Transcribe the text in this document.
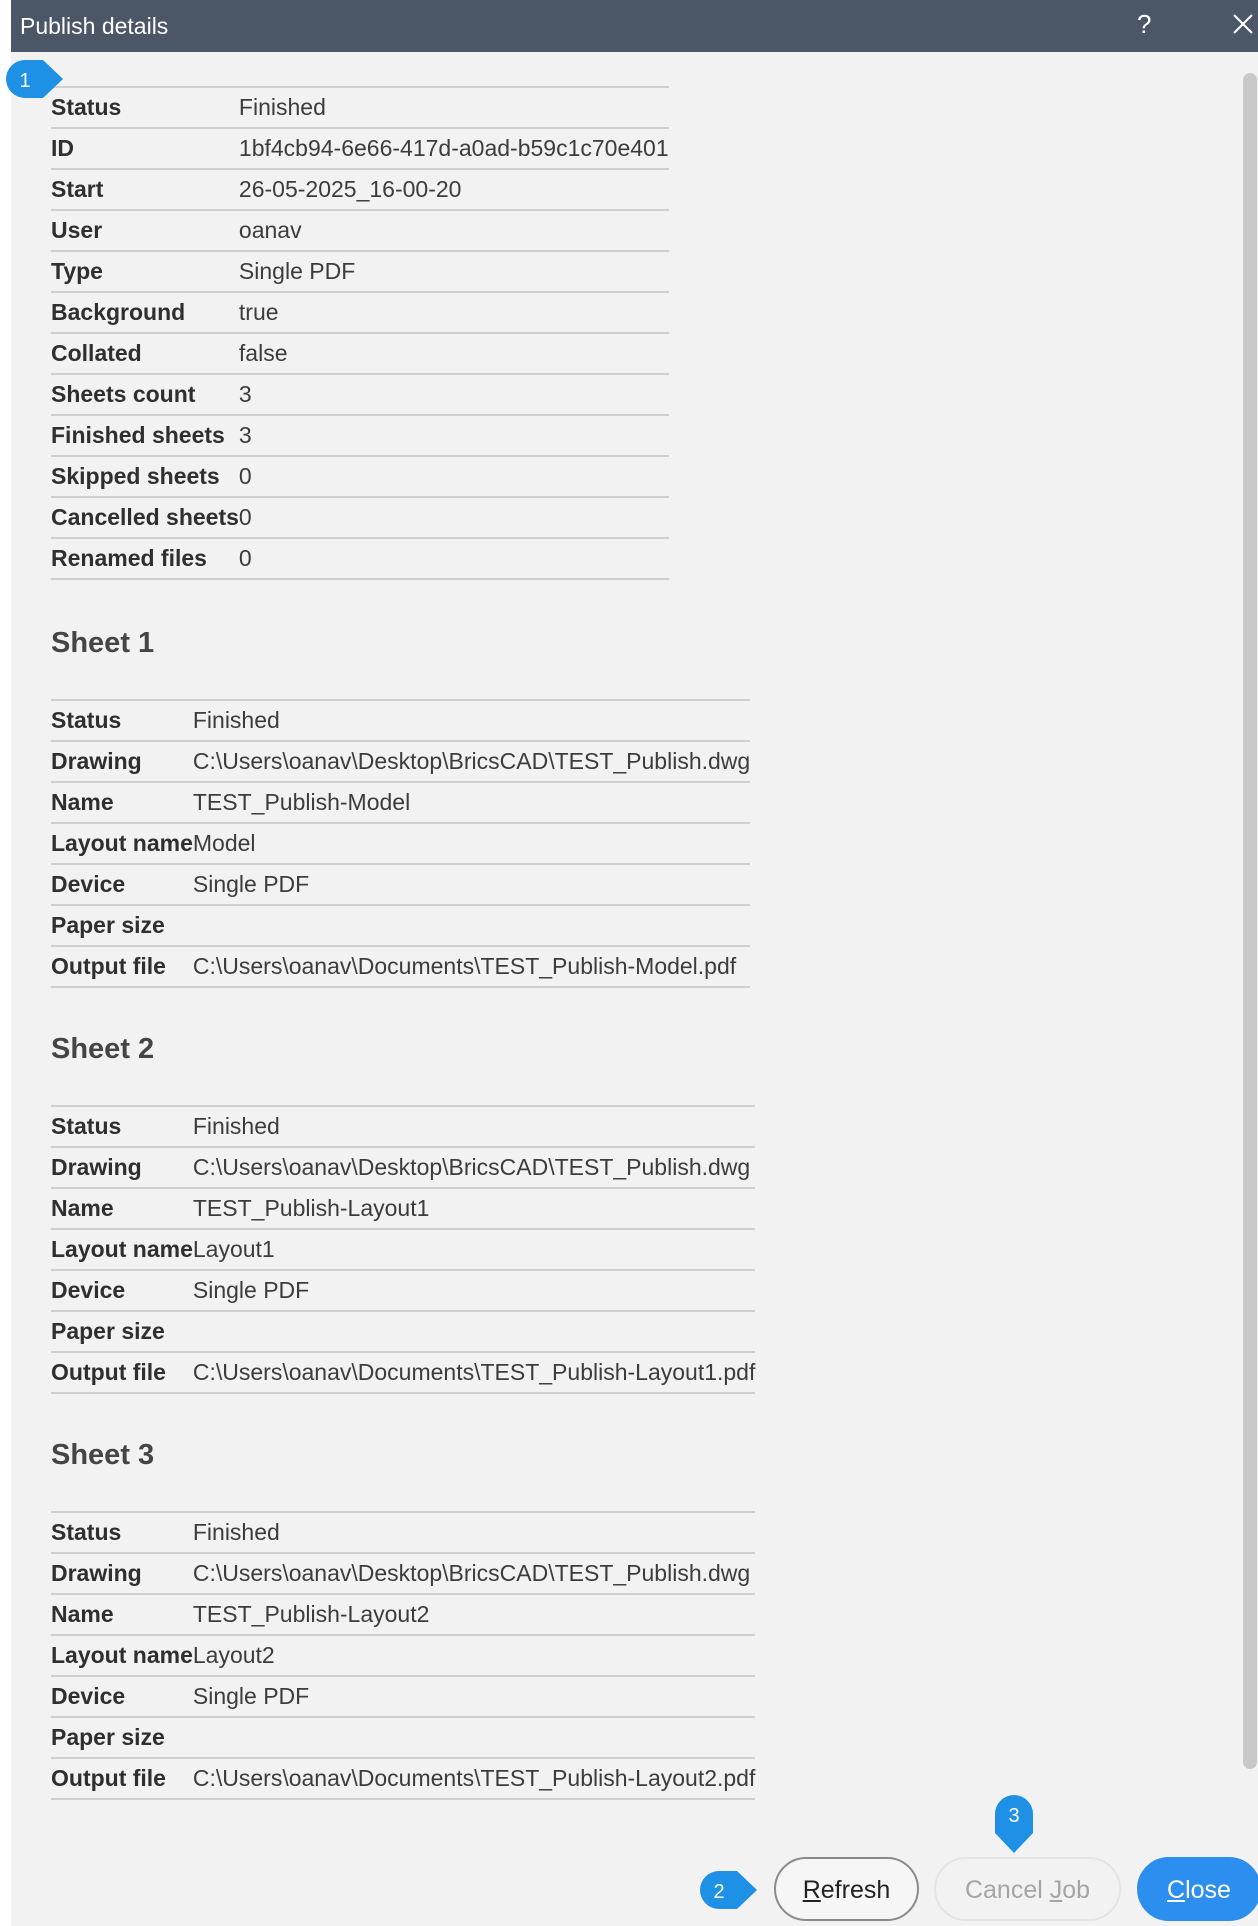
Publish details	?
Status	Finished
ID	1bf4cb94-6e66-417d-a0ad-b59c1c70e401
Start	26-05-2025_16-00-20
User	oanav
Type	Single PDF
Background	true
Collated	false
Sheets count	3
Finished sheets	3
Skipped sheets	0
Cancelled sheets	0
Renamed files	0
Sheet 1
Status	Finished
Drawing	C:\Users\oanav\Desktop\BricsCAD\TEST_Publish.dwg
Name	TEST_Publish-Model
Layout name	Model
Device	Single PDF
Paper size	
Output file	C:\Users\oanav\Documents\TEST_Publish-Model.pdf
Sheet 2
Status	Finished
Drawing	C:\Users\oanav\Desktop\BricsCAD\TEST_Publish.dwg
Name	TEST_Publish-Layout1
Layout name	Layout1
Device	Single PDF
Paper size	
Output file	C:\Users\oanav\Documents\TEST_Publish-Layout1.pdf
Sheet 3
Status	Finished
Drawing	C:\Users\oanav\Desktop\BricsCAD\TEST_Publish.dwg
Name	TEST_Publish-Layout2
Layout name	Layout2
Device	Single PDF
Paper size	
Output file	C:\Users\oanav\Documents\TEST_Publish-Layout2.pdf
Refresh	Cancel Job	Close
1
2
3
